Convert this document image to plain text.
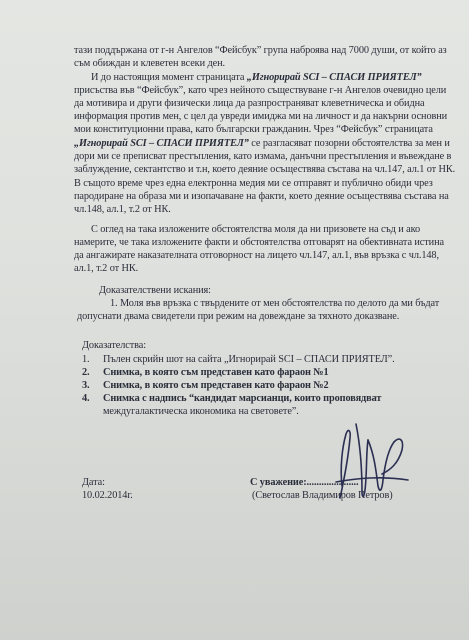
тази поддържана от г-н Ангелов “Фейсбук” група наброява над 7000 души, от който аз
съм обиждан и клеветен всеки ден.
И до настоящия момент страницата „Игнорирай SCI – СПАСИ ПРИЯТЕЛ”
присъства във “Фейсбук”, като чрез нейното съществуване г-н Ангелов очевидно цели
да мотивира и други физически лица да разпространяват клеветническа и обидна
информация против мен, с цел да увреди имиджа ми на личност и да накърни основни
мои конституционни права, като български гражданин. Чрез “Фейсбук” страницата
„Игнорирай SCI – СПАСИ ПРИЯТЕЛ” се разгласяват позорни обстоятелства за мен и
дори ми се преписват престъпления, като измама, данъчни престъпления и въвеждане в
заблуждение, сектантство и т.н, което деяние осъществява състава на чл.147, ал.1 от НК.
В същото време чрез една електронна медия ми се отправят и публично обиди чрез
пародиране на образа ми и изопачаване на факти, което деяние осъществява състава на
чл.148, ал.1, т.2 от НК.
С оглед на така изложените обстоятелства моля да ни призовете на съд и ако
намерите, че така изложените факти и обстоятелства отговарят на обективната истина
да ангажирате наказателната отговорност на лицето чл.147, ал.1, във връзка с чл.148,
ал.1, т.2 от НК.
Доказателствени искания:
1. Моля във връзка с твърдените от мен обстоятелства по делото да ми бъдат
допуснати двама свидетели при режим на довеждане за тяхното доказване.
Доказателства:
1. Пълен скрийн шот на сайта „Игнорирай SCI – СПАСИ ПРИЯТЕЛ”.
2. Снимка, в която съм представен като фараон №1
3. Снимка, в която съм представен като фараон №2
4. Снимка с надпись “кандидат марсианци, които проповядват
междугалактическа икономика на световете”.
Дата:
10.02.2014г.
С уважение:.....................
(Светослав Владимиров Петров)
